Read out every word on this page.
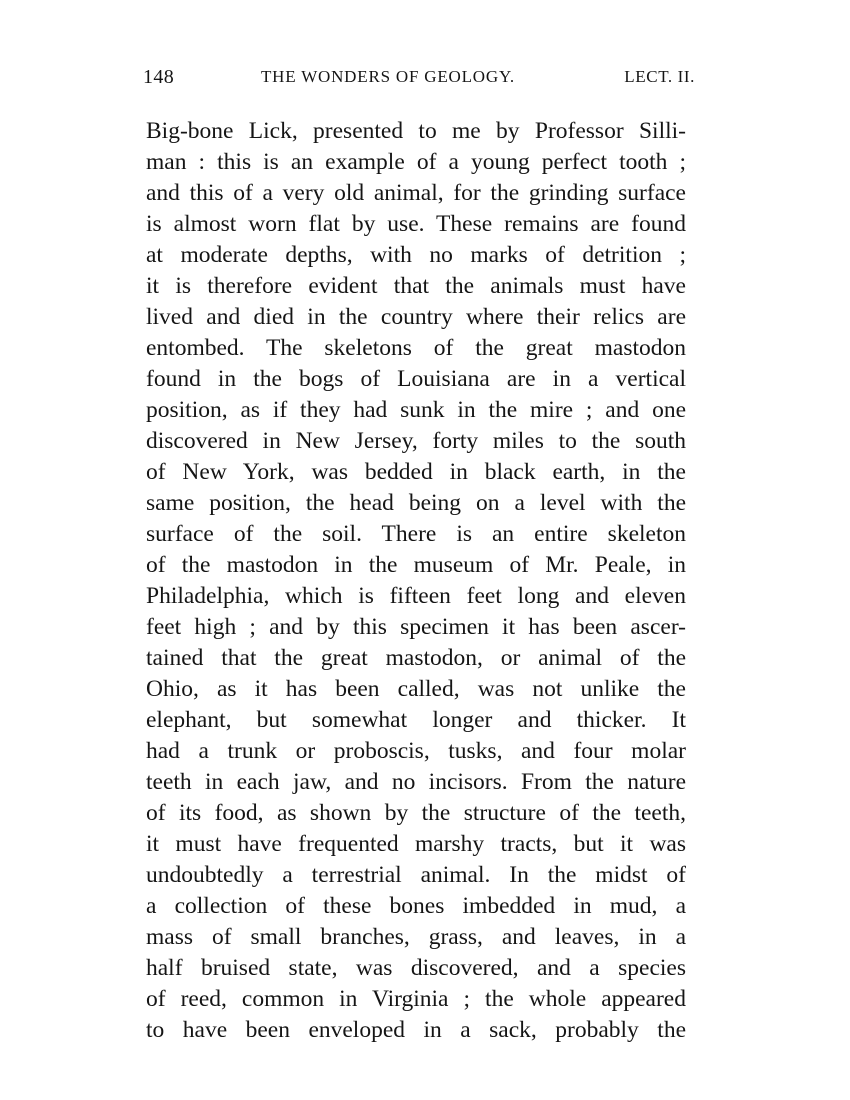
148	THE WONDERS OF GEOLOGY.	LECT. II.
Big-bone Lick, presented to me by Professor Silli-
man : this is an example of a young perfect tooth ;
and this of a very old animal, for the grinding surface
is almost worn flat by use. These remains are found
at moderate depths, with no marks of detrition ;
it is therefore evident that the animals must have
lived and died in the country where their relics are
entombed. The skeletons of the great mastodon
found in the bogs of Louisiana are in a vertical
position, as if they had sunk in the mire ; and one
discovered in New Jersey, forty miles to the south
of New York, was bedded in black earth, in the
same position, the head being on a level with the
surface of the soil. There is an entire skeleton
of the mastodon in the museum of Mr. Peale, in
Philadelphia, which is fifteen feet long and eleven
feet high ; and by this specimen it has been ascer-
tained that the great mastodon, or animal of the
Ohio, as it has been called, was not unlike the
elephant, but somewhat longer and thicker. It
had a trunk or proboscis, tusks, and four molar
teeth in each jaw, and no incisors. From the nature
of its food, as shown by the structure of the teeth,
it must have frequented marshy tracts, but it was
undoubtedly a terrestrial animal. In the midst of
a collection of these bones imbedded in mud, a
mass of small branches, grass, and leaves, in a
half bruised state, was discovered, and a species
of reed, common in Virginia ; the whole appeared
to have been enveloped in a sack, probably the
